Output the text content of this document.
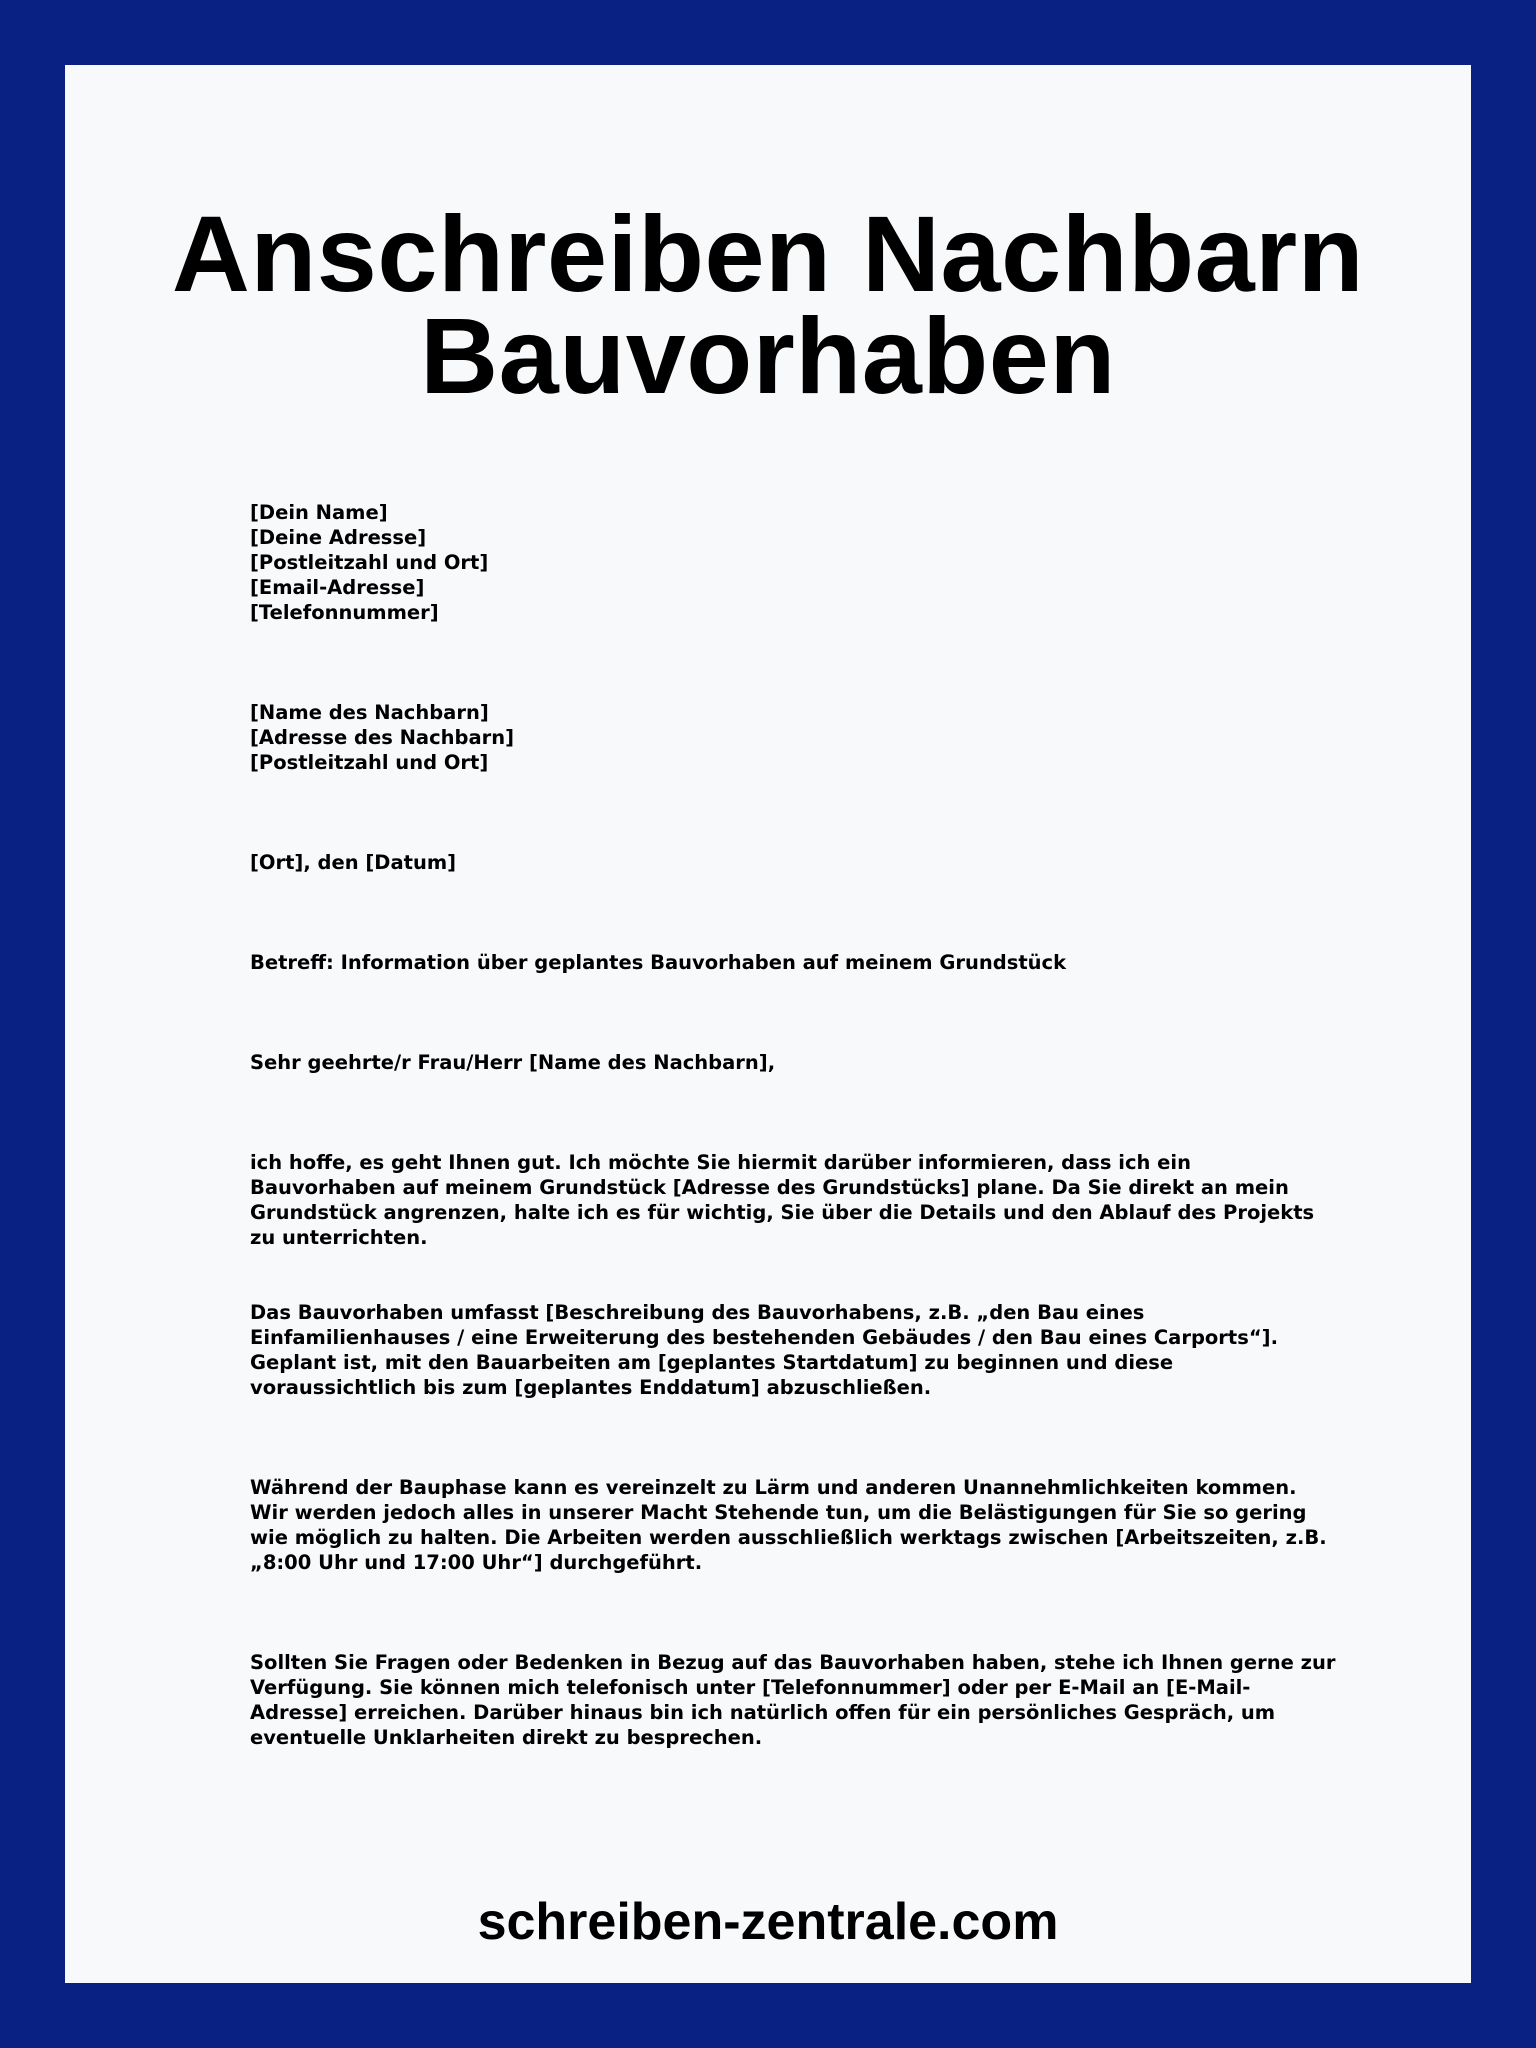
Anschreiben Nachbarn
Bauvorhaben
[Dein Name]
[Deine Adresse]
[Postleitzahl und Ort]
[Email-Adresse]
[Telefonnummer]
[Name des Nachbarn]
[Adresse des Nachbarn]
[Postleitzahl und Ort]
[Ort], den [Datum]
Betreff: Information über geplantes Bauvorhaben auf meinem Grundstück
Sehr geehrte/r Frau/Herr [Name des Nachbarn],

ich hoffe, es geht Ihnen gut. Ich möchte Sie hiermit darüber informieren, dass ich ein Bauvorhaben auf meinem Grundstück [Adresse des Grundstücks] plane. Da Sie direkt an mein Grundstück angrenzen, halte ich es für wichtig, Sie über die Details und den Ablauf des Projekts zu unterrichten.

Das Bauvorhaben umfasst [Beschreibung des Bauvorhabens, z.B. „den Bau eines Einfamilienhauses / eine Erweiterung des bestehenden Gebäudes / den Bau eines Carports“]. Geplant ist, mit den Bauarbeiten am [geplantes Startdatum] zu beginnen und diese voraussichtlich bis zum [geplantes Enddatum] abzuschließen.

Während der Bauphase kann es vereinzelt zu Lärm und anderen Unannehmlichkeiten kommen. Wir werden jedoch alles in unserer Macht Stehende tun, um die Belästigungen für Sie so gering wie möglich zu halten. Die Arbeiten werden ausschließlich werktags zwischen [Arbeitszeiten, z.B. „8:00 Uhr und 17:00 Uhr“] durchgeführt.

Sollten Sie Fragen oder Bedenken in Bezug auf das Bauvorhaben haben, stehe ich Ihnen gerne zur Verfügung. Sie können mich telefonisch unter [Telefonnummer] oder per E-Mail an [E-Mail-Adresse] erreichen. Darüber hinaus bin ich natürlich offen für ein persönliches Gespräch, um eventuelle Unklarheiten direkt zu besprechen.

schreiben-zentrale.com
